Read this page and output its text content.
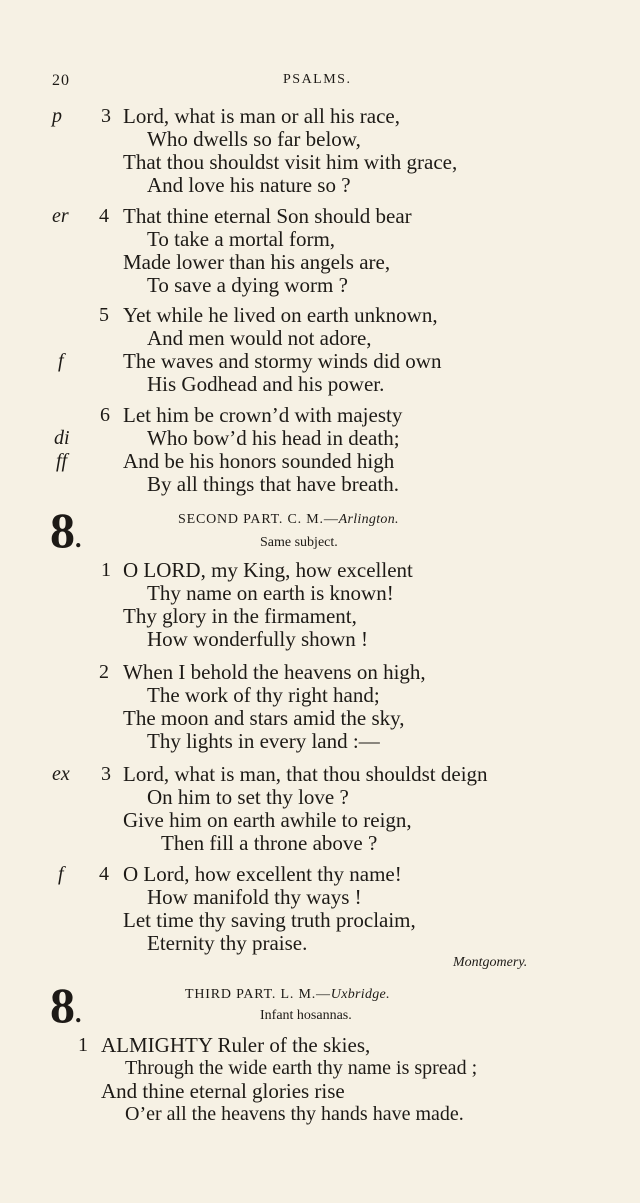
20	PSALMS.
p 3 Lord, what is man or all his race,
Who dwells so far below,
That thou shouldst visit him with grace,
And love his nature so ?
er 4 That thine eternal Son should bear
To take a mortal form,
Made lower than his angels are,
To save a dying worm ?
5 Yet while he lived on earth unknown,
And men would not adore,
f	The waves and stormy winds did own
His Godhead and his power.
6 Let him be crown’d with majesty
di	Who bow’d his head in death;
ff	And be his honors sounded high
By all things that have breath.
8.
SECOND PART. C. M.—Arlington.
Same subject.
1 O LORD, my King, how excellent
Thy name on earth is known!
Thy glory in the firmament,
How wonderfully shown !
2 When I behold the heavens on high,
The work of thy right hand;
The moon and stars amid the sky,
Thy lights in every land :—
ex 3 Lord, what is man, that thou shouldst deign
On him to set thy love ?
Give him on earth awhile to reign,
Then fill a throne above ?
f 4 O Lord, how excellent thy name!
How manifold thy ways !
Let time thy saving truth proclaim,
Eternity thy praise.
Montgomery.
8.
THIRD PART. L. M.—Uxbridge.
Infant hosannas.
1 ALMIGHTY Ruler of the skies,
Through the wide earth thy name is spread ;
And thine eternal glories rise
O’er all the heavens thy hands have made.
